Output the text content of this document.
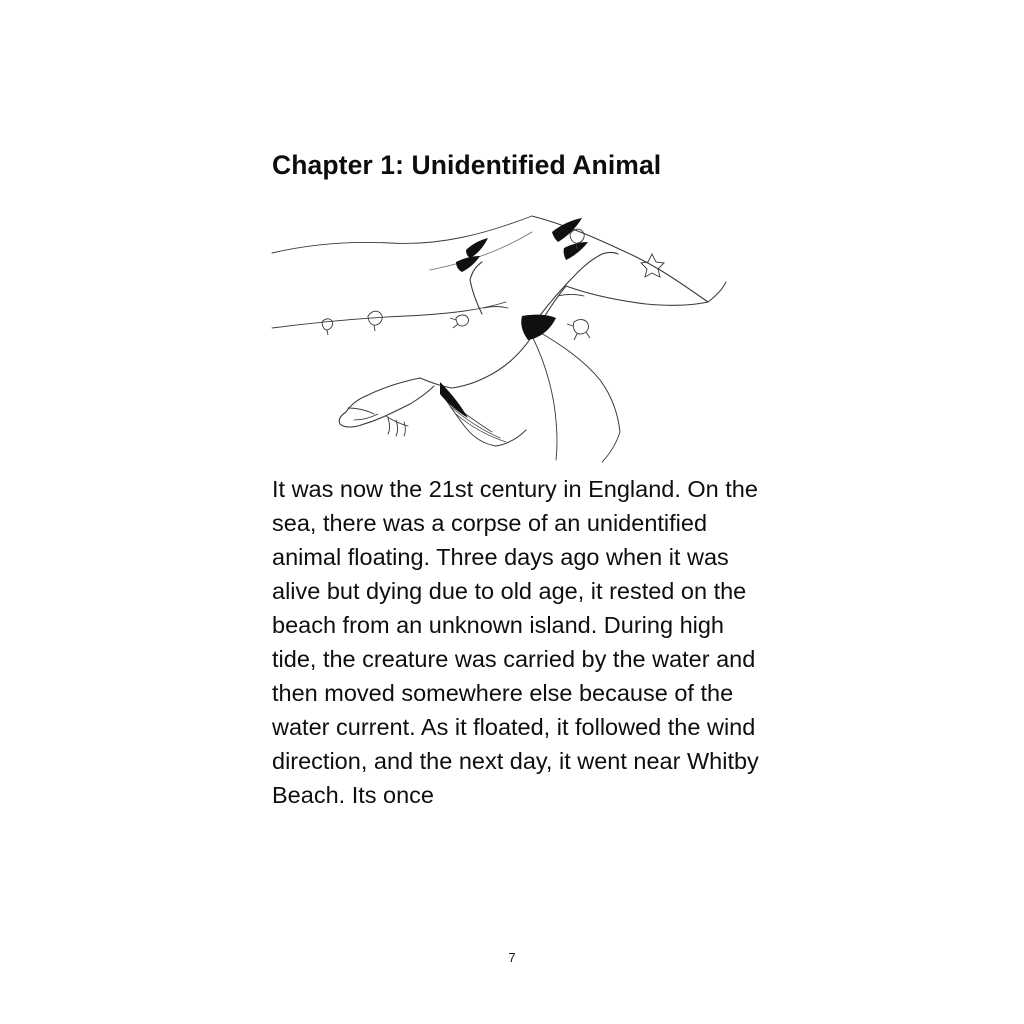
Chapter 1: Unidentified Animal

It was now the 21st century in England. On the sea, there was a corpse of an unidentified animal floating. Three days ago when it was alive but dying due to old age, it rested on the beach from an unknown island. During high tide, the creature was carried by the water and then moved somewhere else because of the water current. As it floated, it followed the wind direction, and the next day, it went near Whitby Beach. Its once

7
